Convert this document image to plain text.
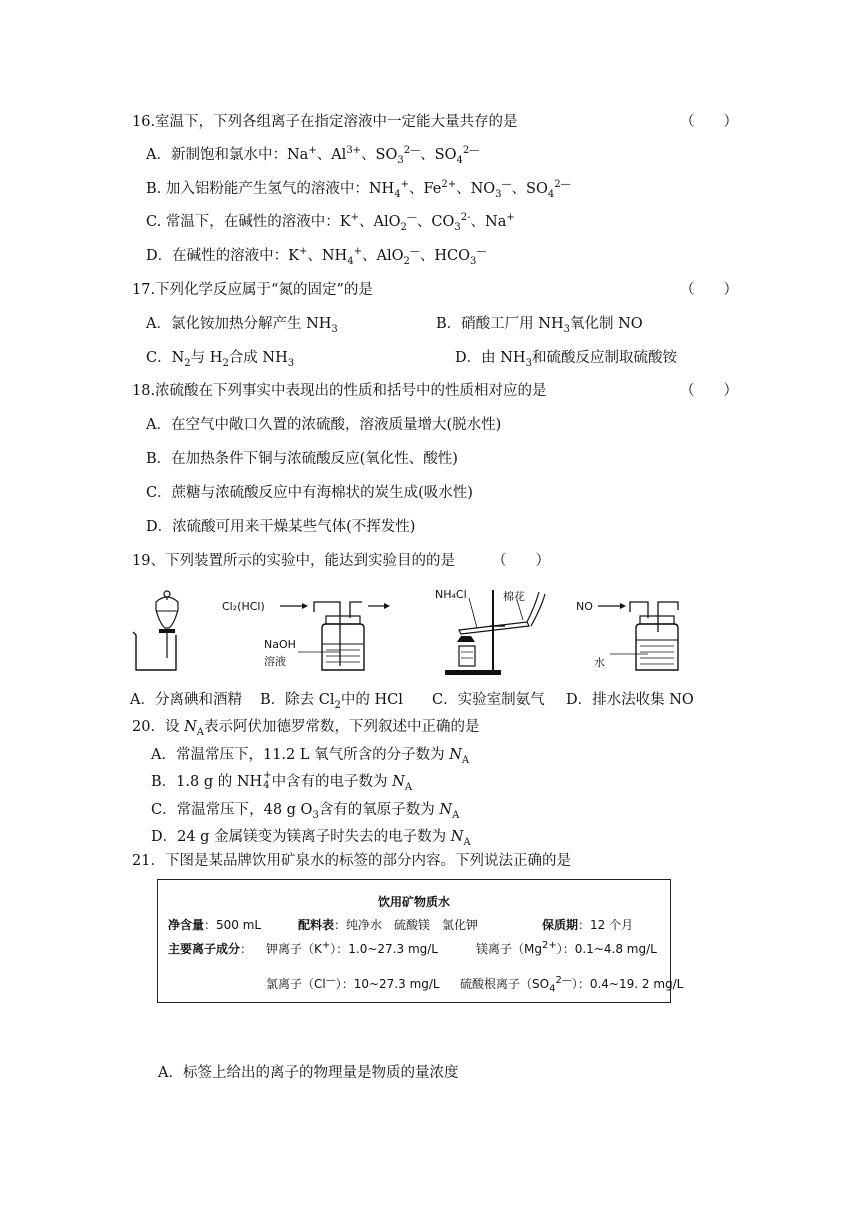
16.室温下，下列各组离子在指定溶液中一定能大量共存的是	（　　）
A．新制饱和氯水中：Na+、$Al^{3+}$、$SO_3^{2—}$、$SO_4^{2—}$
B. 加入铝粉能产生氢气的溶液中：$NH_4^+$、$Fe^{2+}$、$NO_3^—$、$SO_4^{2—}$
C. 常温下，在碱性的溶液中：K+、AlO$_2$—、$CO_3^{2-}$、Na+
D．在碱性的溶液中：K+、$NH_4^+$、AlO$_2$—、$HCO_3^—$
17.下列化学反应属于“氮的固定”的是	（　　）
A．氯化铵加热分解产生 $NH_3$	B．硝酸工厂用 $NH_3$氧化制 NO
C．$N_2$与 $H_2$合成 $NH_3$	D．由 $NH_3$和硫酸反应制取硫酸铵
18.浓硫酸在下列事实中表现出的性质和括号中的性质相对应的是	（　　）
A．在空气中敞口久置的浓硫酸，溶液质量增大(脱水性)
B．在加热条件下铜与浓硫酸反应(氧化性、酸性)
C．蔗糖与浓硫酸反应中有海棉状的炭生成(吸水性)
D．浓硫酸可用来干燥某些气体(不挥发性)
19、下列装置所示的实验中，能达到实验目的的是	（　　）
Cl₂(HCl)
NaOH
溶液
NH₄Cl	棉花
NO
水
A．分离碘和酒精 B．除去 $Cl_2$中的 HCl C．实验室制氨气 D．排水法收集 NO
20．设 $N_A$表示阿伏加德罗常数，下列叙述中正确的是
A．常温常压下，11.2 L 氧气所含的分子数为 $N_A$
B．1.8 g 的 NH+
4 中含有的电子数为 $N_A$
C．常温常压下，48 g $O_3$含有的氧原子数为 $N_A$
D．24 g 金属镁变为镁离子时失去的电子数为 $N_A$
21．下图是某品牌饮用矿泉水的标签的部分内容。下列说法正确的是
饮用矿物质水
净含量：500 mL	配料表：纯净水　硫酸镁　氯化钾	保质期：12 个月
主要离子成分： 钾离子（K+）：1.0~27.3 mg/L	镁离子$(Mg^{2+})$：0.1~4.8 mg/L
氯离子（Cl—）：10~27.3 mg/L 硫酸根离子$(SO_4^{2—})$：0.4~19. 2 mg/L
A．标签上给出的离子的物理量是物质的量浓度
